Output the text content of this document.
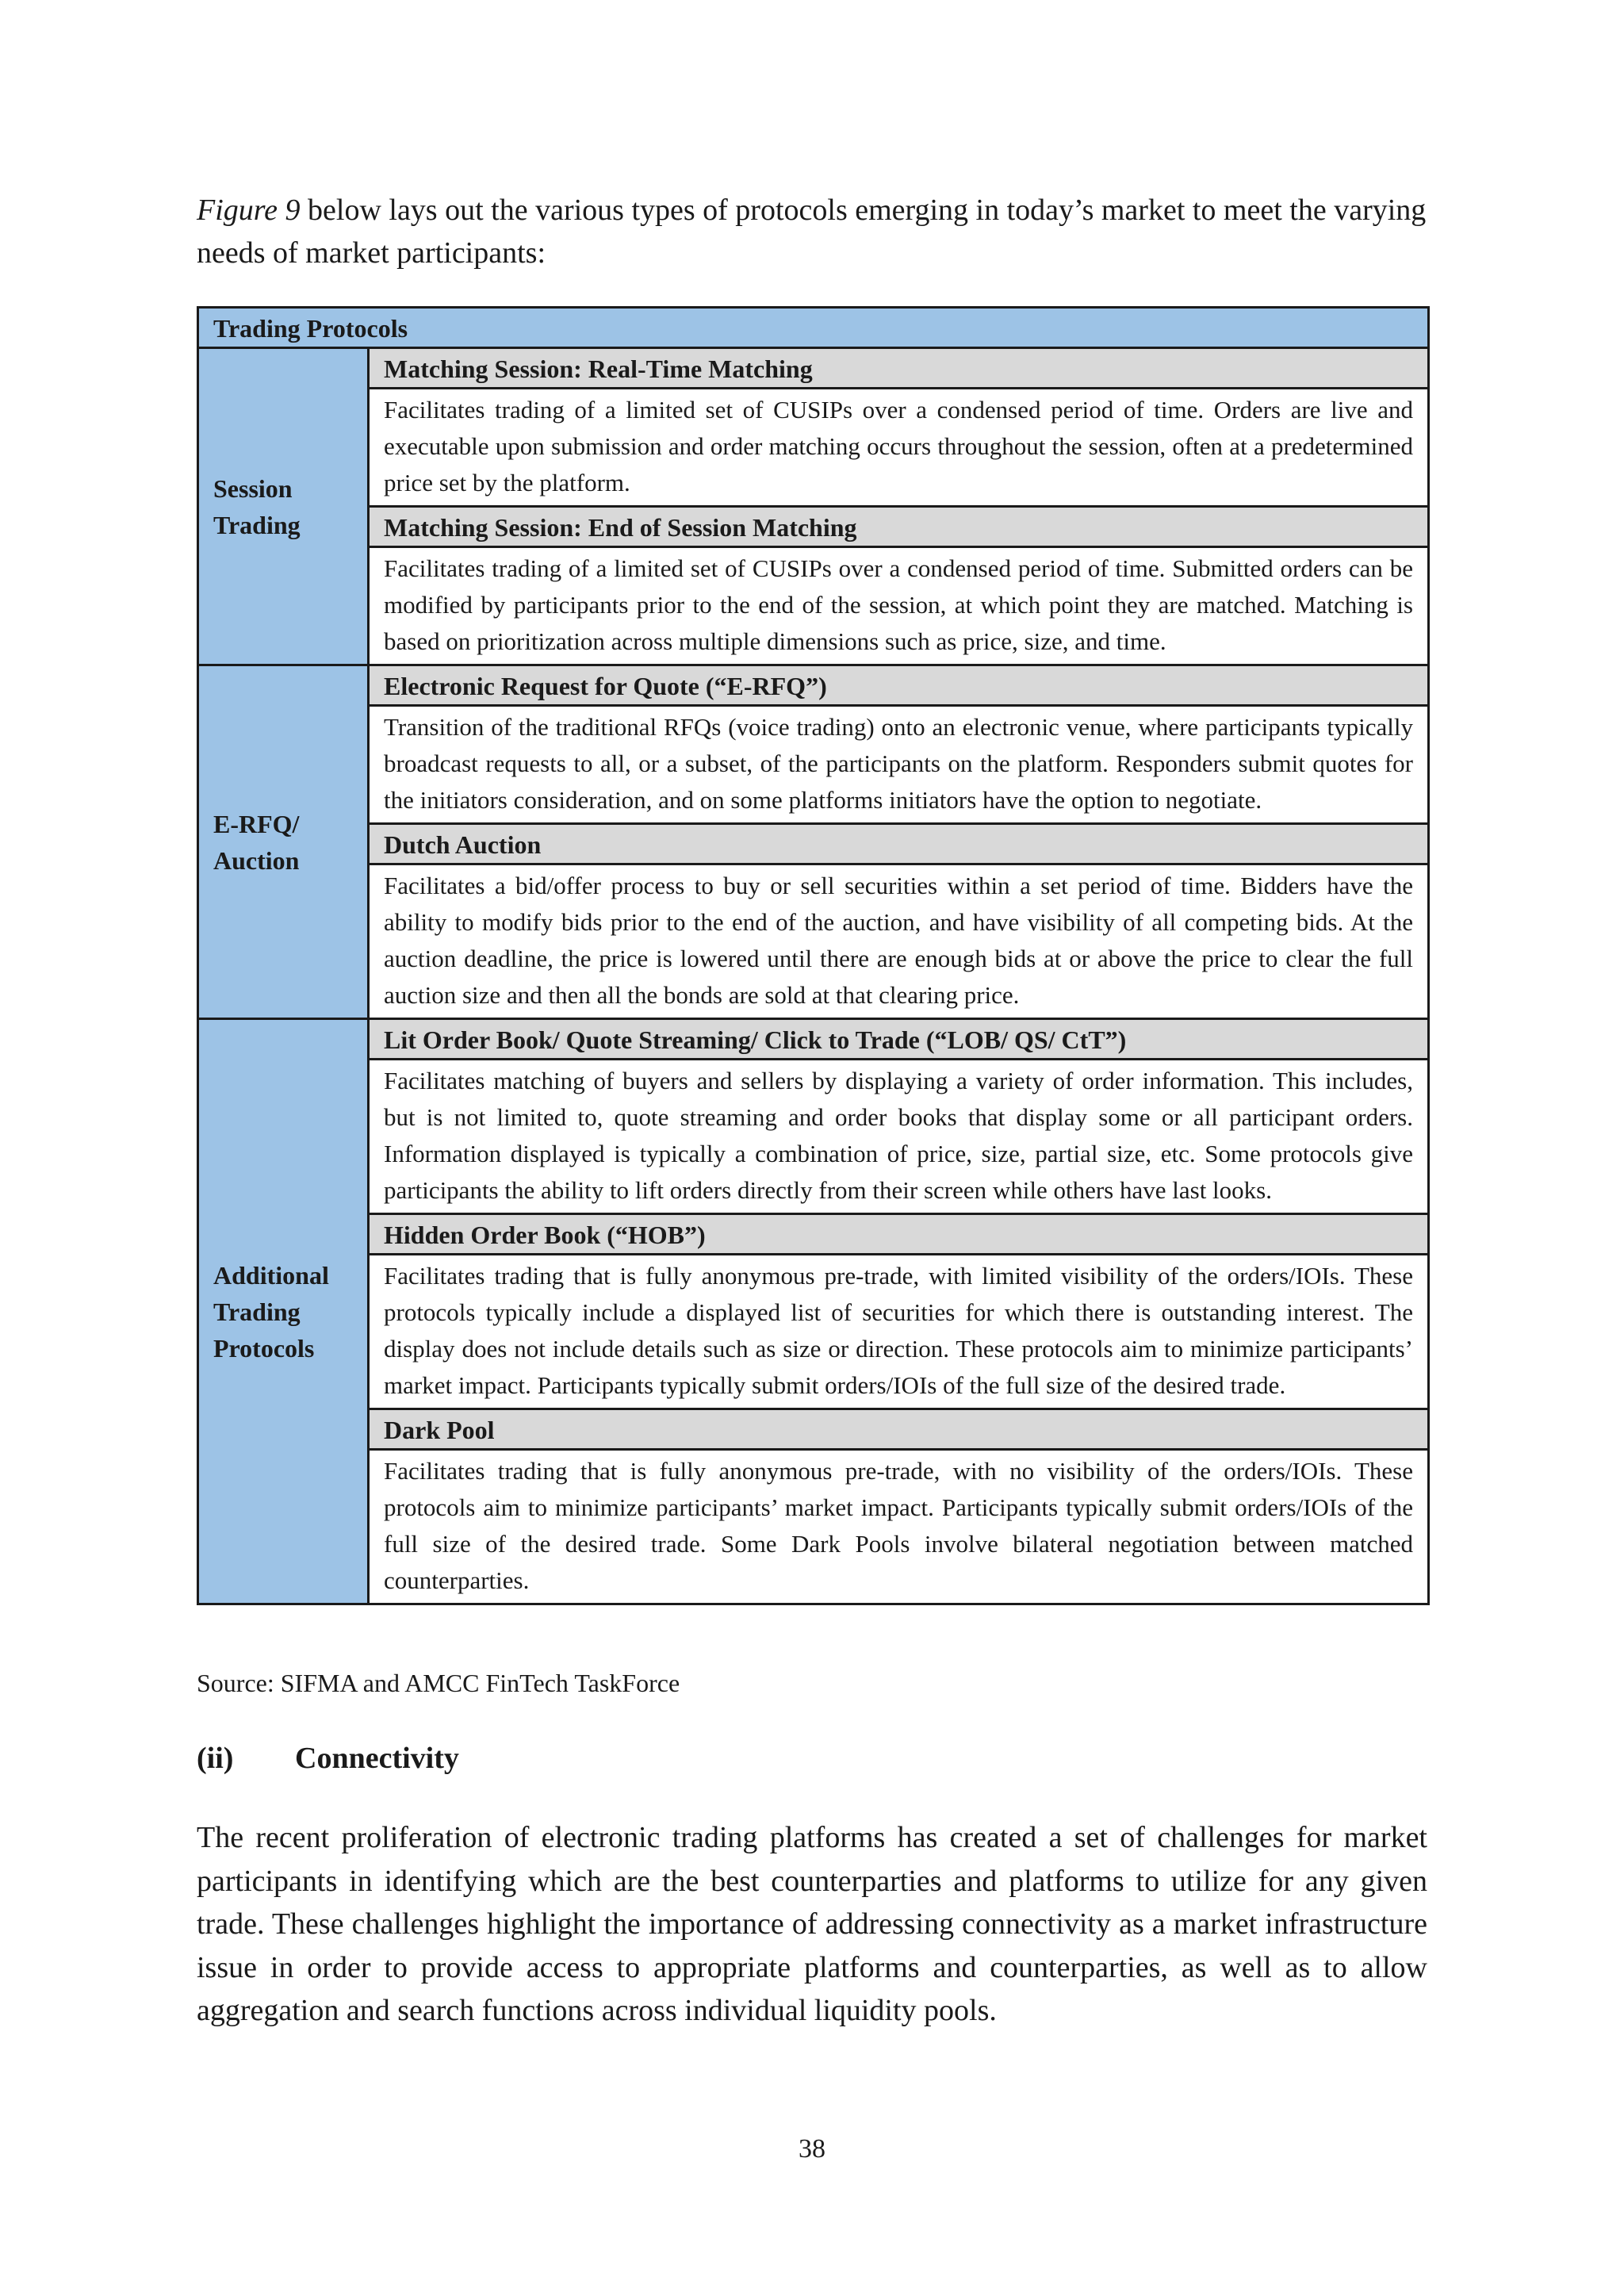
Figure 9 below lays out the various types of protocols emerging in today’s market to meet the varying needs of market participants:

Trading Protocols	
Session Trading	Matching Session: Real-Time Matching
	Facilitates trading of a limited set of CUSIPs over a condensed period of time. Orders are live and executable upon submission and order matching occurs throughout the session, often at a predetermined price set by the platform.
	Matching Session: End of Session Matching
	Facilitates trading of a limited set of CUSIPs over a condensed period of time. Submitted orders can be modified by participants prior to the end of the session, at which point they are matched. Matching is based on prioritization across multiple dimensions such as price, size, and time.
E-RFQ/ Auction	Electronic Request for Quote (“E-RFQ”)
	Transition of the traditional RFQs (voice trading) onto an electronic venue, where participants typically broadcast requests to all, or a subset, of the participants on the platform. Responders submit quotes for the initiators consideration, and on some platforms initiators have the option to negotiate.
	Dutch Auction
	Facilitates a bid/offer process to buy or sell securities within a set period of time. Bidders have the ability to modify bids prior to the end of the auction, and have visibility of all competing bids. At the auction deadline, the price is lowered until there are enough bids at or above the price to clear the full auction size and then all the bonds are sold at that clearing price.
Additional Trading Protocols	Lit Order Book/ Quote Streaming/ Click to Trade (“LOB/ QS/ CtT”)
	Facilitates matching of buyers and sellers by displaying a variety of order information. This includes, but is not limited to, quote streaming and order books that display some or all participant orders. Information displayed is typically a combination of price, size, partial size, etc. Some protocols give participants the ability to lift orders directly from their screen while others have last looks.
	Hidden Order Book (“HOB”)
	Facilitates trading that is fully anonymous pre-trade, with limited visibility of the orders/IOIs. These protocols typically include a displayed list of securities for which there is outstanding interest. The display does not include details such as size or direction. These protocols aim to minimize participants’ market impact. Participants typically submit orders/IOIs of the full size of the desired trade.
	Dark Pool
	Facilitates trading that is fully anonymous pre-trade, with no visibility of the orders/IOIs. These protocols aim to minimize participants’ market impact. Participants typically submit orders/IOIs of the full size of the desired trade. Some Dark Pools involve bilateral negotiation between matched counterparties.

Source: SIFMA and AMCC FinTech TaskForce

(ii) Connectivity

The recent proliferation of electronic trading platforms has created a set of challenges for market participants in identifying which are the best counterparties and platforms to utilize for any given trade. These challenges highlight the importance of addressing connectivity as a market infrastructure issue in order to provide access to appropriate platforms and counterparties, as well as to allow aggregation and search functions across individual liquidity pools.

38
